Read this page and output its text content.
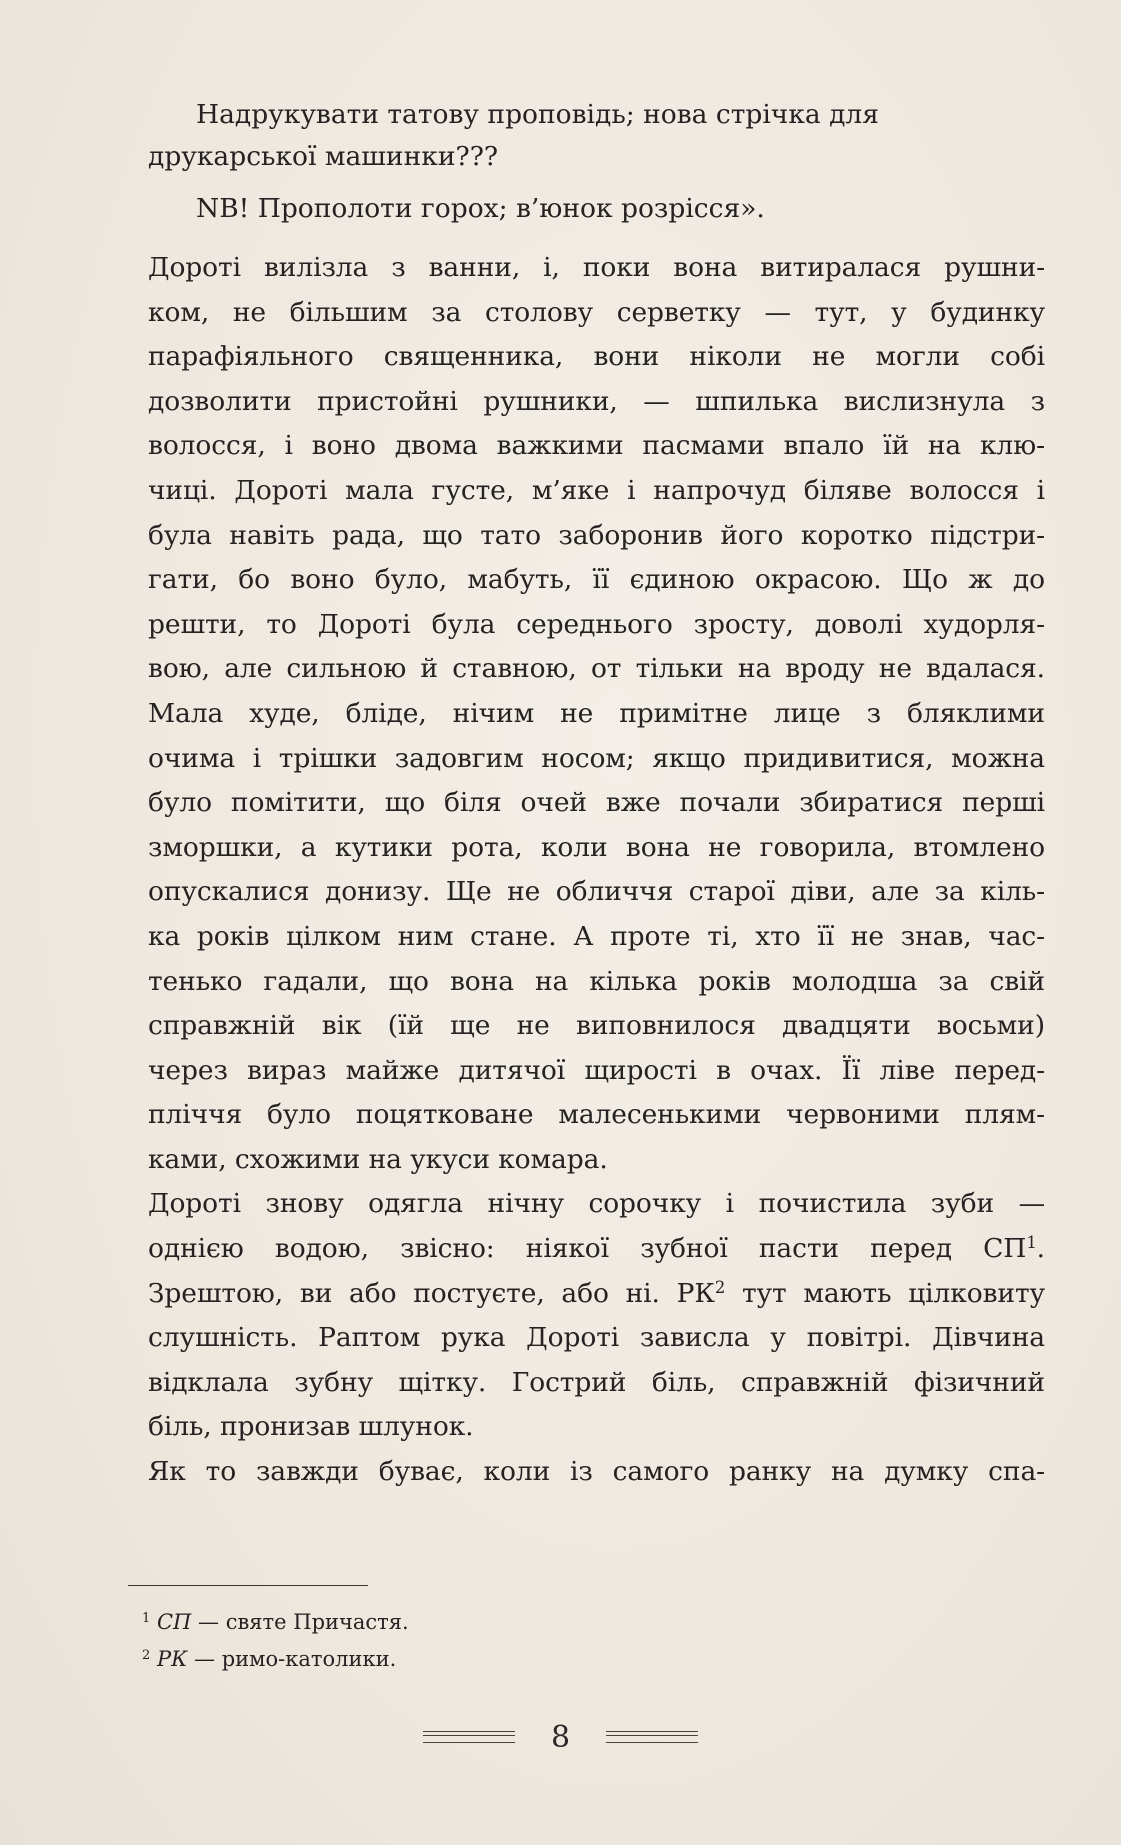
Надрукувати татову проповідь; нова стрічка для

друкарської машинки???

NB! Прополоти горох; в’юнок розрісся».

Дороті вилізла з ванни, і, поки вона витиралася рушни-

ком, не більшим за столову серветку — тут, у будинку

парафіяльного священника, вони ніколи не могли собі

дозволити пристойні рушники, — шпилька вислизнула з

волосся, і воно двома важкими пасмами впало їй на клю-

чиці. Дороті мала густе, м’яке і напрочуд біляве волосся і

була навіть рада, що тато заборонив його коротко підстри-

гати, бо воно було, мабуть, її єдиною окрасою. Що ж до

решти, то Дороті була середнього зросту, доволі худорля-

вою, але сильною й ставною, от тільки на вроду не вдалася.

Мала худе, бліде, нічим не примітне лице з бляклими

очима і трішки задовгим носом; якщо придивитися, можна

було помітити, що біля очей вже почали збиратися перші

зморшки, а кутики рота, коли вона не говорила, втомлено

опускалися донизу. Ще не обличчя старої діви, але за кіль-

ка років цілком ним стане. А проте ті, хто її не знав, час-

тенько гадали, що вона на кілька років молодша за свій

справжній вік (їй ще не виповнилося двадцяти восьми)

через вираз майже дитячої щирості в очах. Її ліве перед-

пліччя було поцятковане малесенькими червоними плям-

ками, схожими на укуси комара.

Дороті знову одягла нічну сорочку і почистила зуби —

однією водою, звісно: ніякої зубної пасти перед $СП^1$.

Зрештою, ви або постуєте, або ні. $РК^2$ тут мають цілковиту

слушність. Раптом рука Дороті зависла у повітрі. Дівчина

відклала зубну щітку. Гострий біль, справжній фізичний

біль, пронизав шлунок.

Як то завжди буває, коли із самого ранку на думку спа-

$^1$ СП — святе Причастя.

$^2$ РК — римо-католики.

8
